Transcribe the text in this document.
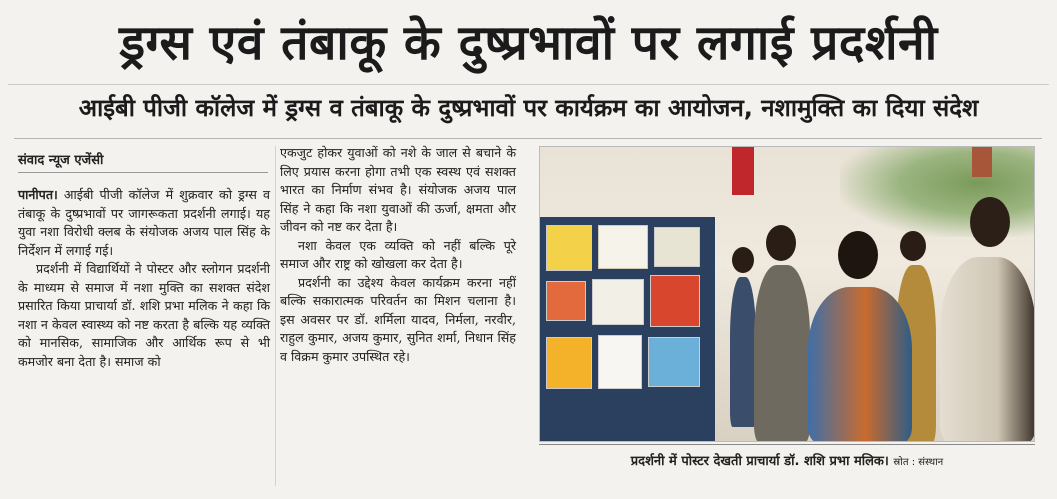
ड्रग्स एवं तंबाकू के दुष्प्रभावों पर लगाई प्रदर्शनी
आईबी पीजी कॉलेज में ड्रग्स व तंबाकू के दुष्प्रभावों पर कार्यक्रम का आयोजन, नशामुक्ति का दिया संदेश
संवाद न्यूज एजेंसी

पानीपत। आईबी पीजी कॉलेज में शुक्रवार को ड्रग्स व तंबाकू के दुष्प्रभावों पर जागरूकता प्रदर्शनी लगाई। यह युवा नशा विरोधी क्लब के संयोजक अजय पाल सिंह के निर्देशन में लगाई गई।

प्रदर्शनी में विद्यार्थियों ने पोस्टर और स्लोगन प्रदर्शनी के माध्यम से समाज में नशा मुक्ति का सशक्त संदेश प्रसारित किया प्राचार्या डॉ. शशि प्रभा मलिक ने कहा कि नशा न केवल स्वास्थ्य को नष्ट करता है बल्कि यह व्यक्ति को मानसिक, सामाजिक और आर्थिक रूप से भी कमजोर बना देता है। समाज को

एकजुट होकर युवाओं को नशे के जाल से बचाने के लिए प्रयास करना होगा तभी एक स्वस्थ एवं सशक्त भारत का निर्माण संभव है। संयोजक अजय पाल सिंह ने कहा कि नशा युवाओं की ऊर्जा, क्षमता और जीवन को नष्ट कर देता है।

नशा केवल एक व्यक्ति को नहीं बल्कि पूरे समाज और राष्ट्र को खोखला कर देता है।

प्रदर्शनी का उद्देश्य केवल कार्यक्रम करना नहीं बल्कि सकारात्मक परिवर्तन का मिशन चलाना है। इस अवसर पर डॉ. शर्मिला यादव, निर्मला, नरवीर, राहुल कुमार, अजय कुमार, सुनित शर्मा, निधान सिंह व विक्रम कुमार उपस्थित रहे।

प्रदर्शनी में पोस्टर देखती प्राचार्या डॉ. शशि प्रभा मलिक। स्रोत : संस्थान
